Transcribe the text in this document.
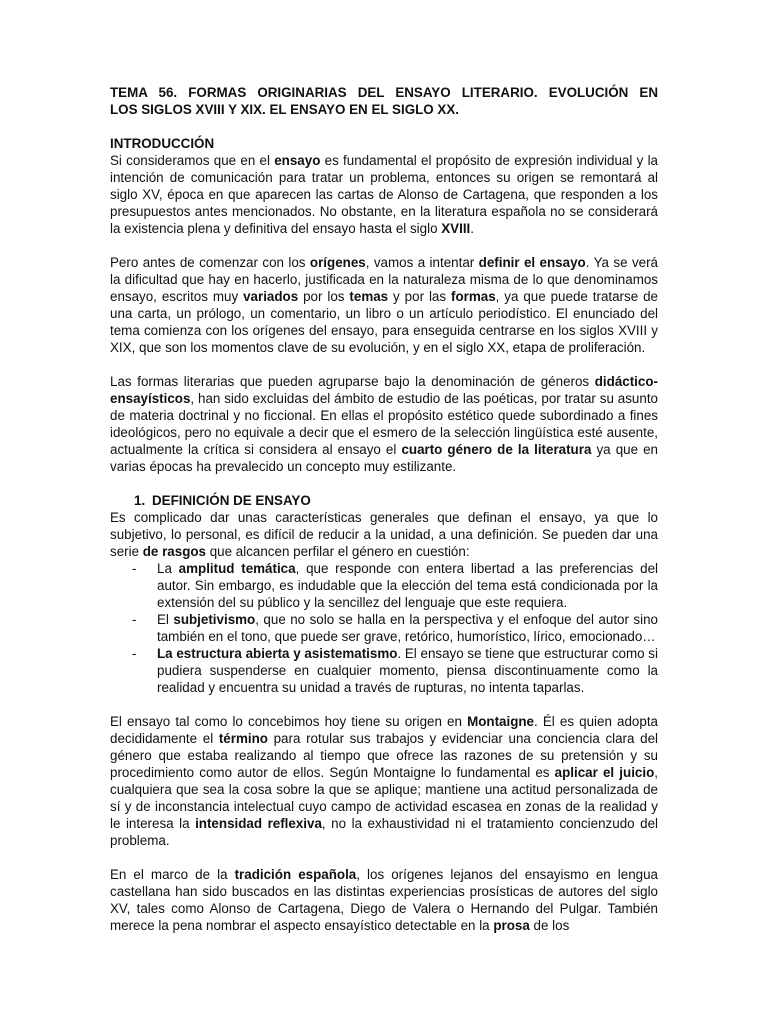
TEMA 56. FORMAS ORIGINARIAS DEL ENSAYO LITERARIO. EVOLUCIÓN EN
LOS SIGLOS XVIII Y XIX. EL ENSAYO EN EL SIGLO XX.
INTRODUCCIÓN

Si consideramos que en el ensayo es fundamental el propósito de expresión individual y la intención de comunicación para tratar un problema, entonces su origen se remontará al siglo XV, época en que aparecen las cartas de Alonso de Cartagena, que responden a los presupuestos antes mencionados. No obstante, en la literatura española no se considerará la existencia plena y definitiva del ensayo hasta el siglo XVIII.

Pero antes de comenzar con los orígenes, vamos a intentar definir el ensayo. Ya se verá la dificultad que hay en hacerlo, justificada en la naturaleza misma de lo que denominamos ensayo, escritos muy variados por los temas y por las formas, ya que puede tratarse de una carta, un prólogo, un comentario, un libro o un artículo periodístico. El enunciado del tema comienza con los orígenes del ensayo, para enseguida centrarse en los siglos XVIII y XIX, que son los momentos clave de su evolución, y en el siglo XX, etapa de proliferación.

Las formas literarias que pueden agruparse bajo la denominación de géneros didáctico-ensayísticos, han sido excluidas del ámbito de estudio de las poéticas, por tratar su asunto de materia doctrinal y no ficcional. En ellas el propósito estético quede subordinado a fines ideológicos, pero no equivale a decir que el esmero de la selección lingüística esté ausente, actualmente la crítica si considera al ensayo el cuarto género de la literatura ya que en varias épocas ha prevalecido un concepto muy estilizante.

1. DEFINICIÓN DE ENSAYO

Es complicado dar unas características generales que definan el ensayo, ya que lo subjetivo, lo personal, es difícil de reducir a la unidad, a una definición. Se pueden dar una serie de rasgos que alcancen perfilar el género en cuestión:

- La amplitud temática, que responde con entera libertad a las preferencias del autor. Sin embargo, es indudable que la elección del tema está condicionada por la extensión del su público y la sencillez del lenguaje que este requiera.
- El subjetivismo, que no solo se halla en la perspectiva y el enfoque del autor sino también en el tono, que puede ser grave, retórico, humorístico, lírico, emocionado…
- La estructura abierta y asistematismo. El ensayo se tiene que estructurar como si pudiera suspenderse en cualquier momento, piensa discontinuamente como la realidad y encuentra su unidad a través de rupturas, no intenta taparlas.

El ensayo tal como lo concebimos hoy tiene su origen en Montaigne. Él es quien adopta decididamente el término para rotular sus trabajos y evidenciar una conciencia clara del género que estaba realizando al tiempo que ofrece las razones de su pretensión y su procedimiento como autor de ellos. Según Montaigne lo fundamental es aplicar el juicio, cualquiera que sea la cosa sobre la que se aplique; mantiene una actitud personalizada de sí y de inconstancia intelectual cuyo campo de actividad escasea en zonas de la realidad y le interesa la intensidad reflexiva, no la exhaustividad ni el tratamiento concienzudo del problema.

En el marco de la tradición española, los orígenes lejanos del ensayismo en lengua castellana han sido buscados en las distintas experiencias prosísticas de autores del siglo XV, tales como Alonso de Cartagena, Diego de Valera o Hernando del Pulgar. También merece la pena nombrar el aspecto ensayístico detectable en la prosa de los
